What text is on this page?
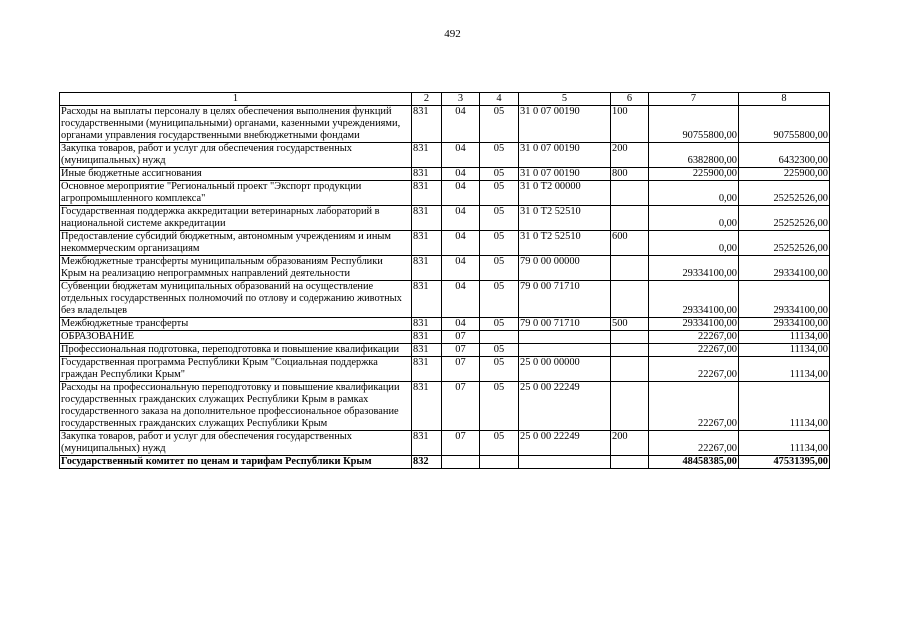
492
1	2	3	4	5	6	7	8
Расходы на выплаты персоналу в целях обеспечения выполнения функций государственными (муниципальными) органами, казенными учреждениями, органами управления государственными внебюджетными фондами	831	04	05	31 0 07 00190	100	90755800,00	90755800,00
Закупка товаров, работ и услуг для обеспечения государственных (муниципальных) нужд	831	04	05	31 0 07 00190	200	6382800,00	6432300,00
Иные бюджетные ассигнования	831	04	05	31 0 07 00190	800	225900,00	225900,00
Основное мероприятие "Региональный проект "Экспорт продукции агропромышленного комплекса"	831	04	05	31 0 T2 00000		0,00	25252526,00
Государственная поддержка аккредитации ветеринарных лабораторий в национальной системе аккредитации	831	04	05	31 0 T2 52510		0,00	25252526,00
Предоставление субсидий бюджетным, автономным учреждениям и иным некоммерческим организациям	831	04	05	31 0 T2 52510	600	0,00	25252526,00
Межбюджетные трансферты муниципальным образованиям Республики Крым на реализацию непрограммных направлений деятельности	831	04	05	79 0 00 00000		29334100,00	29334100,00
Субвенции бюджетам муниципальных образований на осуществление отдельных государственных полномочий по отлову и содержанию животных без владельцев	831	04	05	79 0 00 71710		29334100,00	29334100,00
Межбюджетные трансферты	831	04	05	79 0 00 71710	500	29334100,00	29334100,00
ОБРАЗОВАНИЕ	831	07				22267,00	11134,00
Профессиональная подготовка, переподготовка и повышение квалификации	831	07	05			22267,00	11134,00
Государственная программа Республики Крым "Социальная поддержка граждан Республики Крым"	831	07	05	25 0 00 00000		22267,00	11134,00
Расходы на профессиональную переподготовку и повышение квалификации государственных гражданских служащих Республики Крым в рамках государственного заказа на дополнительное профессиональное образование государственных гражданских служащих Республики Крым	831	07	05	25 0 00 22249		22267,00	11134,00
Закупка товаров, работ и услуг для обеспечения государственных (муниципальных) нужд	831	07	05	25 0 00 22249	200	22267,00	11134,00
Государственный комитет по ценам и тарифам Республики Крым	832					48458385,00	47531395,00
